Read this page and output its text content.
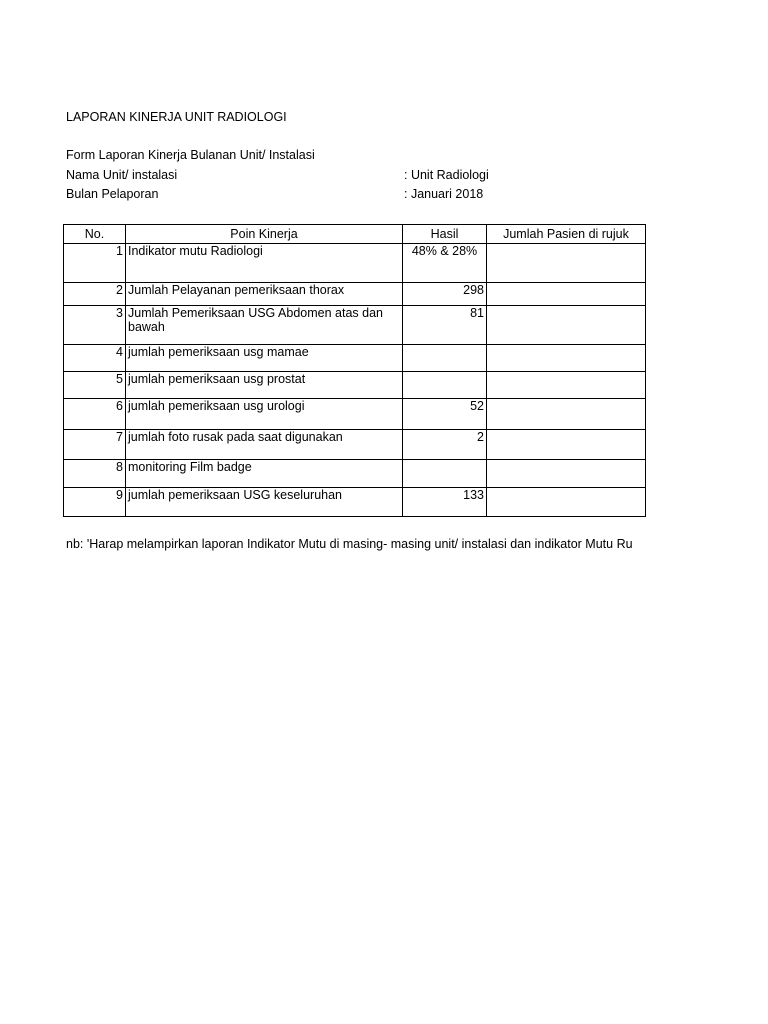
LAPORAN KINERJA UNIT RADIOLOGI
Form Laporan Kinerja Bulanan Unit/ Instalasi
Nama Unit/ instalasi	: Unit Radiologi
Bulan Pelaporan	: Januari 2018
No.	Poin Kinerja	Hasil	Jumlah Pasien di rujuk
1	Indikator mutu Radiologi	48% & 28%	
2	Jumlah Pelayanan pemeriksaan thorax	298	
3	Jumlah Pemeriksaan USG Abdomen atas dan bawah	81	
4	jumlah pemeriksaan usg mamae		
5	jumlah pemeriksaan usg prostat		
6	jumlah pemeriksaan usg urologi	52	
7	jumlah foto rusak pada saat digunakan	2	
8	monitoring Film badge		
9	jumlah pemeriksaan USG keseluruhan	133	
nb: 'Harap melampirkan laporan Indikator Mutu di masing- masing unit/ instalasi dan indikator Mutu Ru
